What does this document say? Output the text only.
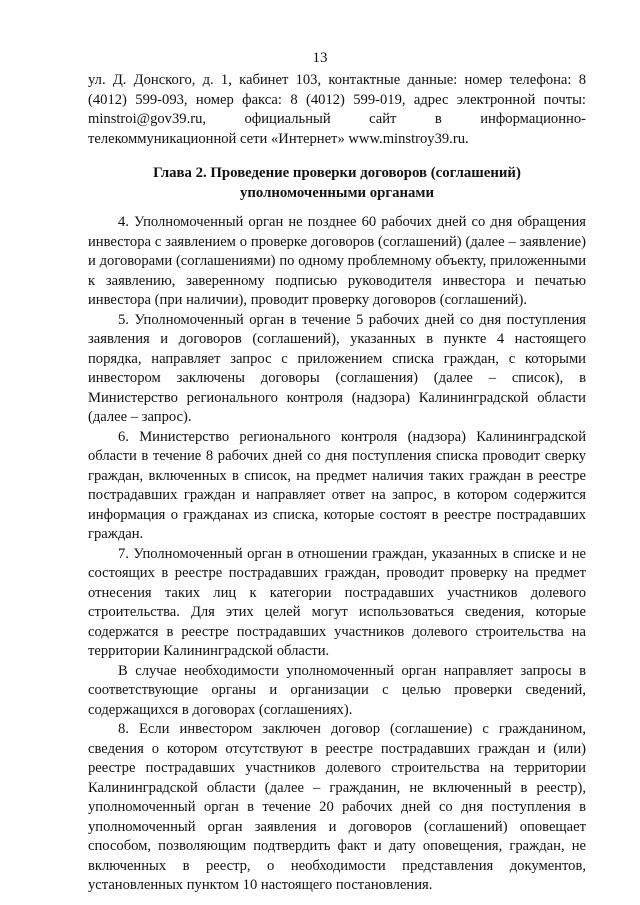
13

ул. Д. Донского, д. 1, кабинет 103, контактные данные: номер телефона: 8 (4012) 599-093, номер факса: 8 (4012) 599-019, адрес электронной почты: minstroi@gov39.ru, официальный сайт в информационно-телекоммуникационной сети «Интернет» www.minstroy39.ru.

Глава 2. Проведение проверки договоров (соглашений)
уполномоченными органами

4. Уполномоченный орган не позднее 60 рабочих дней со дня обращения инвестора с заявлением о проверке договоров (соглашений) (далее – заявление) и договорами (соглашениями) по одному проблемному объекту, приложенными к заявлению, заверенному подписью руководителя инвестора и печатью инвестора (при наличии), проводит проверку договоров (соглашений).

5. Уполномоченный орган в течение 5 рабочих дней со дня поступления заявления и договоров (соглашений), указанных в пункте 4 настоящего порядка, направляет запрос с приложением списка граждан, с которыми инвестором заключены договоры (соглашения) (далее – список), в Министерство регионального контроля (надзора) Калининградской области (далее – запрос).

6. Министерство регионального контроля (надзора) Калининградской области в течение 8 рабочих дней со дня поступления списка проводит сверку граждан, включенных в список, на предмет наличия таких граждан в реестре пострадавших граждан и направляет ответ на запрос, в котором содержится информация о гражданах из списка, которые состоят в реестре пострадавших граждан.

7. Уполномоченный орган в отношении граждан, указанных в списке и не состоящих в реестре пострадавших граждан, проводит проверку на предмет отнесения таких лиц к категории пострадавших участников долевого строительства. Для этих целей могут использоваться сведения, которые содержатся в реестре пострадавших участников долевого строительства на территории Калининградской области.

В случае необходимости уполномоченный орган направляет запросы в соответствующие органы и организации с целью проверки сведений, содержащихся в договорах (соглашениях).

8. Если инвестором заключен договор (соглашение) с гражданином, сведения о котором отсутствуют в реестре пострадавших граждан и (или) реестре пострадавших участников долевого строительства на территории Калининградской области (далее – гражданин, не включенный в реестр), уполномоченный орган в течение 20 рабочих дней со дня поступления в уполномоченный орган заявления и договоров (соглашений) оповещает способом, позволяющим подтвердить факт и дату оповещения, граждан, не включенных в реестр, о необходимости представления документов, установленных пунктом 10 настоящего постановления.
